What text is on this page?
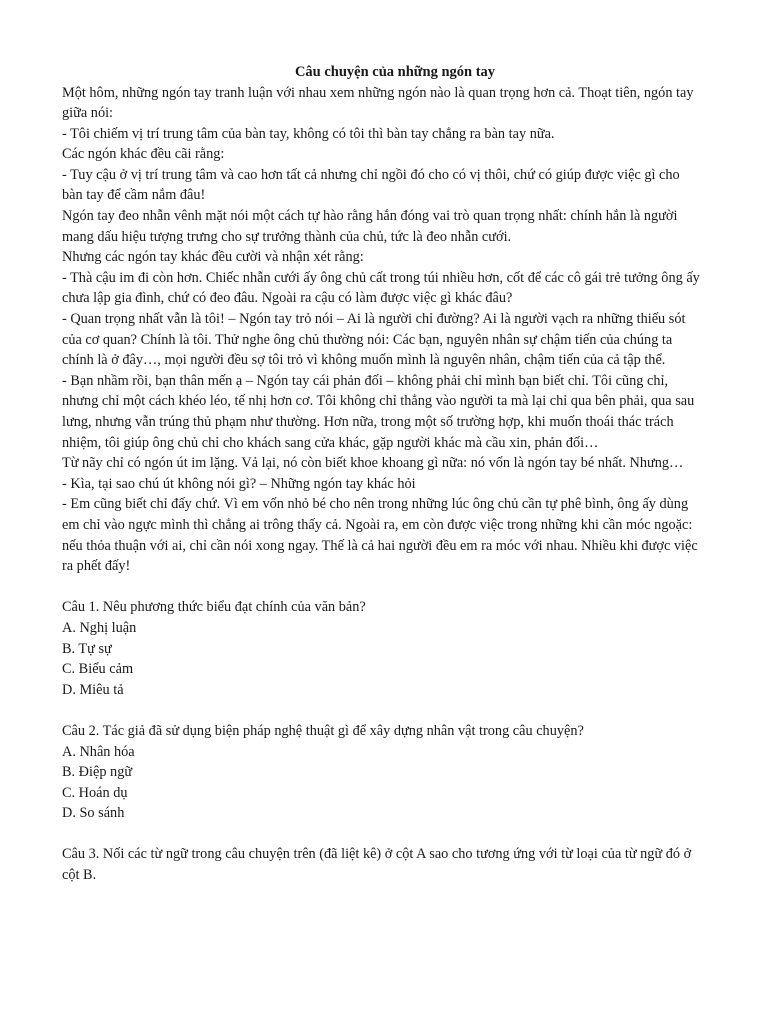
Câu chuyện của những ngón tay
Một hôm, những ngón tay tranh luận với nhau xem những ngón nào là quan trọng hơn cả. Thoạt tiên, ngón tay
giữa nói:
- Tôi chiếm vị trí trung tâm của bàn tay, không có tôi thì bàn tay chẳng ra bàn tay nữa.
Các ngón khác đều cãi rằng:
- Tuy cậu ở vị trí trung tâm và cao hơn tất cả nhưng chỉ ngồi đó cho có vị thôi, chứ có giúp được việc gì cho
bàn tay để cầm nắm đâu!
Ngón tay đeo nhẫn vênh mặt nói một cách tự hào rằng hắn đóng vai trò quan trọng nhất: chính hắn là người
mang dấu hiệu tượng trưng cho sự trưởng thành của chủ, tức là đeo nhẫn cưới.
Nhưng các ngón tay khác đều cười và nhận xét rằng:
- Thà cậu im đi còn hơn. Chiếc nhẫn cưới ấy ông chủ cất trong túi nhiều hơn, cốt để các cô gái trẻ tưởng ông ấy
chưa lập gia đình, chứ có đeo đâu. Ngoài ra cậu có làm được việc gì khác đâu?
- Quan trọng nhất vẫn là tôi! – Ngón tay trỏ nói – Ai là người chỉ đường? Ai là người vạch ra những thiếu sót
của cơ quan? Chính là tôi. Thử nghe ông chủ thường nói: Các bạn, nguyên nhân sự chậm tiến của chúng ta
chính là ở đây…, mọi người đều sợ tôi trỏ vì không muốn mình là nguyên nhân, chậm tiến của cả tập thể.
- Bạn nhầm rồi, bạn thân mến ạ – Ngón tay cái phản đối – không phải chỉ mình bạn biết chỉ. Tôi cũng chỉ,
nhưng chỉ một cách khéo léo, tế nhị hơn cơ. Tôi không chỉ thẳng vào người ta mà lại chỉ qua bên phải, qua sau
lưng, nhưng vẫn trúng thủ phạm như thường. Hơn nữa, trong một số trường hợp, khi muốn thoái thác trách
nhiệm, tôi giúp ông chủ chỉ cho khách sang cửa khác, gặp người khác mà cầu xin, phản đối…
Từ nãy chỉ có ngón út im lặng. Vả lại, nó còn biết khoe khoang gì nữa: nó vốn là ngón tay bé nhất. Nhưng…
- Kìa, tại sao chú út không nói gì? – Những ngón tay khác hỏi
- Em cũng biết chỉ đấy chứ. Vì em vốn nhỏ bé cho nên trong những lúc ông chủ cần tự phê bình, ông ấy dùng
em chỉ vào ngực mình thì chẳng ai trông thấy cả. Ngoài ra, em còn được việc trong những khi cần móc ngoặc:
nếu thỏa thuận với ai, chỉ cần nói xong ngay. Thế là cả hai người đều em ra móc với nhau. Nhiều khi được việc
ra phết đấy!
Câu 1. Nêu phương thức biểu đạt chính của văn bản?
A. Nghị luận
B. Tự sự
C. Biểu cảm
D. Miêu tả
Câu 2. Tác giả đã sử dụng biện pháp nghệ thuật gì để xây dựng nhân vật trong câu chuyện?
A. Nhân hóa
B. Điệp ngữ
C. Hoán dụ
D. So sánh
Câu 3. Nối các từ ngữ trong câu chuyện trên (đã liệt kê) ở cột A sao cho tương ứng với từ loại của từ ngữ đó ở
cột B.
